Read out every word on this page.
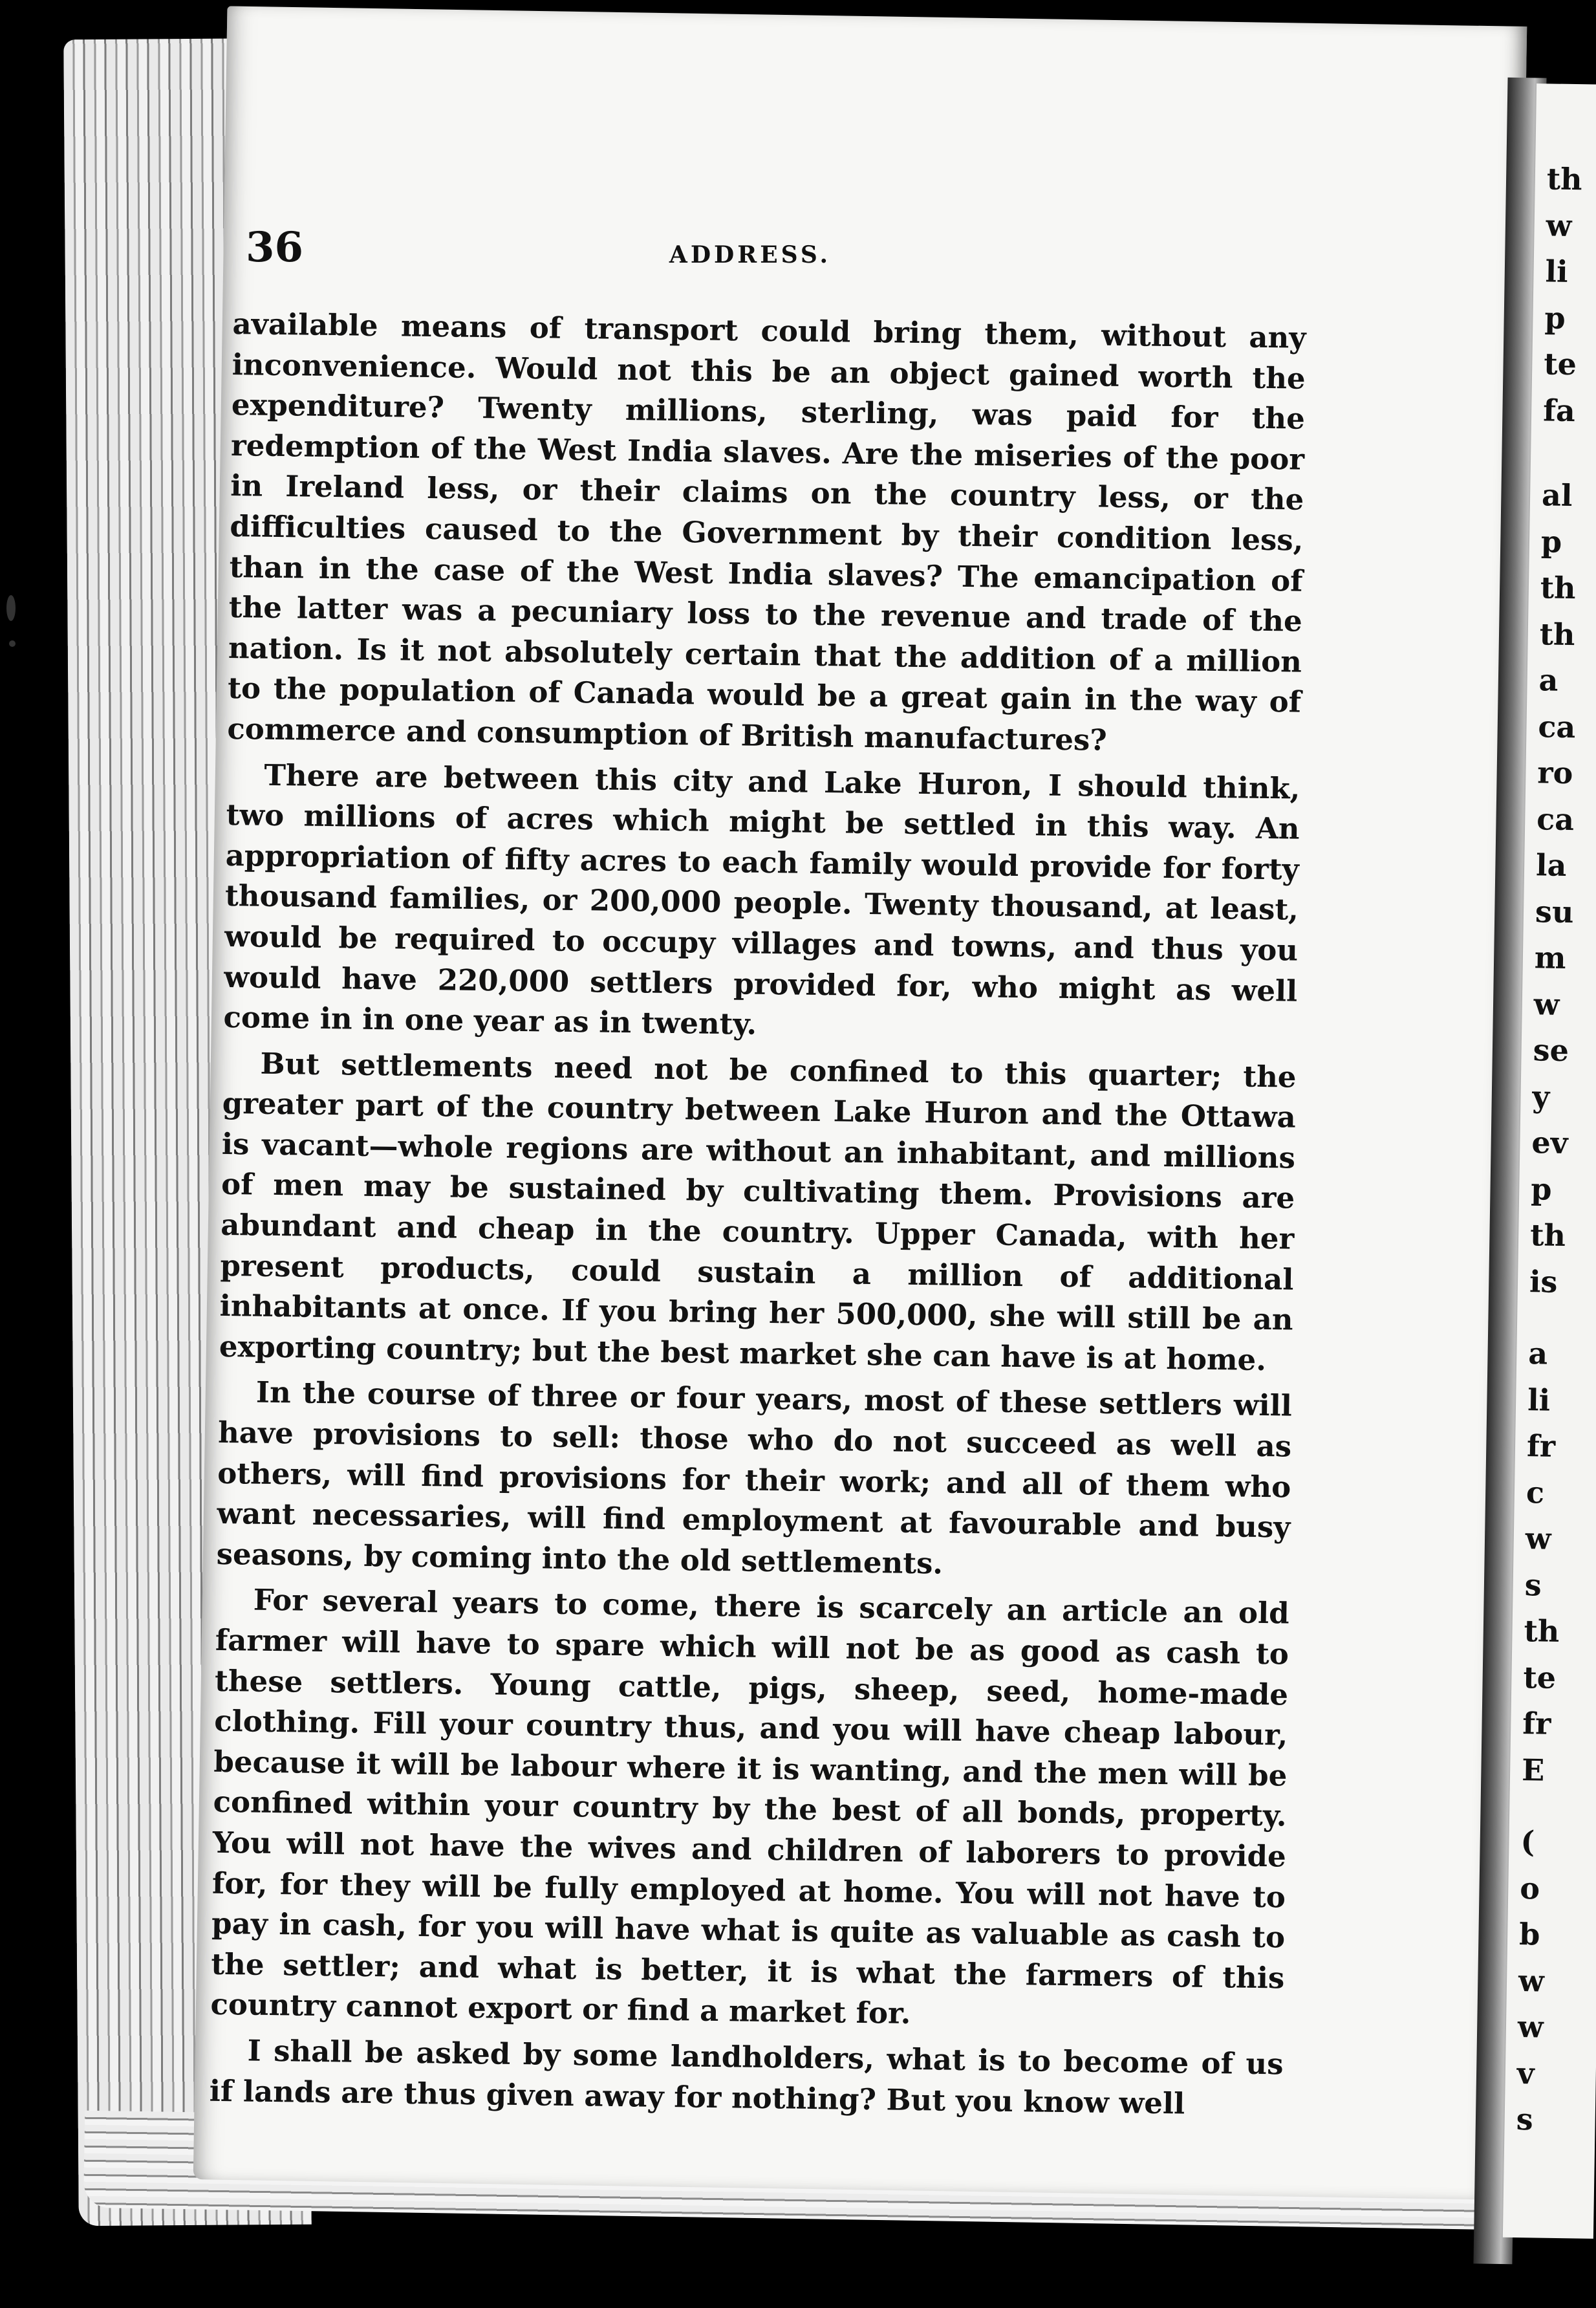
th
w
li
p
te
fa
al
p
th
th
a
ca
ro
ca
la
su
m
w
se
y
ev
p
th
is
a
li
fr
c
w
s
th
te
fr
E
(
o
b
w
w
v
s
36	ADDRESS.

available means of transport could bring them, without any inconvenience. Would not this be an object gained worth the expenditure? Twenty millions, sterling, was paid for the redemption of the West India slaves. Are the miseries of the poor in Ireland less, or their claims on the country less, or the difficulties caused to the Government by their condition less, than in the case of the West India slaves? The emancipation of the latter was a pecuniary loss to the revenue and trade of the nation. Is it not absolutely certain that the addition of a million to the population of Canada would be a great gain in the way of commerce and consumption of British manufactures?

There are between this city and Lake Huron, I should think, two millions of acres which might be settled in this way. An appropriation of fifty acres to each family would provide for forty thousand families, or 200,000 people. Twenty thousand, at least, would be required to occupy villages and towns, and thus you would have 220,000 settlers provided for, who might as well come in in one year as in twenty.

But settlements need not be confined to this quarter; the greater part of the country between Lake Huron and the Ottawa is vacant—whole regions are without an inhabitant, and millions of men may be sustained by cultivating them. Provisions are abundant and cheap in the country. Upper Canada, with her present products, could sustain a million of additional inhabitants at once. If you bring her 500,000, she will still be an exporting country; but the best market she can have is at home.

In the course of three or four years, most of these settlers will have provisions to sell: those who do not succeed as well as others, will find provisions for their work; and all of them who want necessaries, will find employment at favourable and busy seasons, by coming into the old settlements.

For several years to come, there is scarcely an article an old farmer will have to spare which will not be as good as cash to these settlers. Young cattle, pigs, sheep, seed, home-made clothing. Fill your country thus, and you will have cheap labour, because it will be labour where it is wanting, and the men will be confined within your country by the best of all bonds, property. You will not have the wives and children of laborers to provide for, for they will be fully employed at home. You will not have to pay in cash, for you will have what is quite as valuable as cash to the settler; and what is better, it is what the farmers of this country cannot export or find a market for.

I shall be asked by some landholders, what is to become of us if lands are thus given away for nothing? But you know well
